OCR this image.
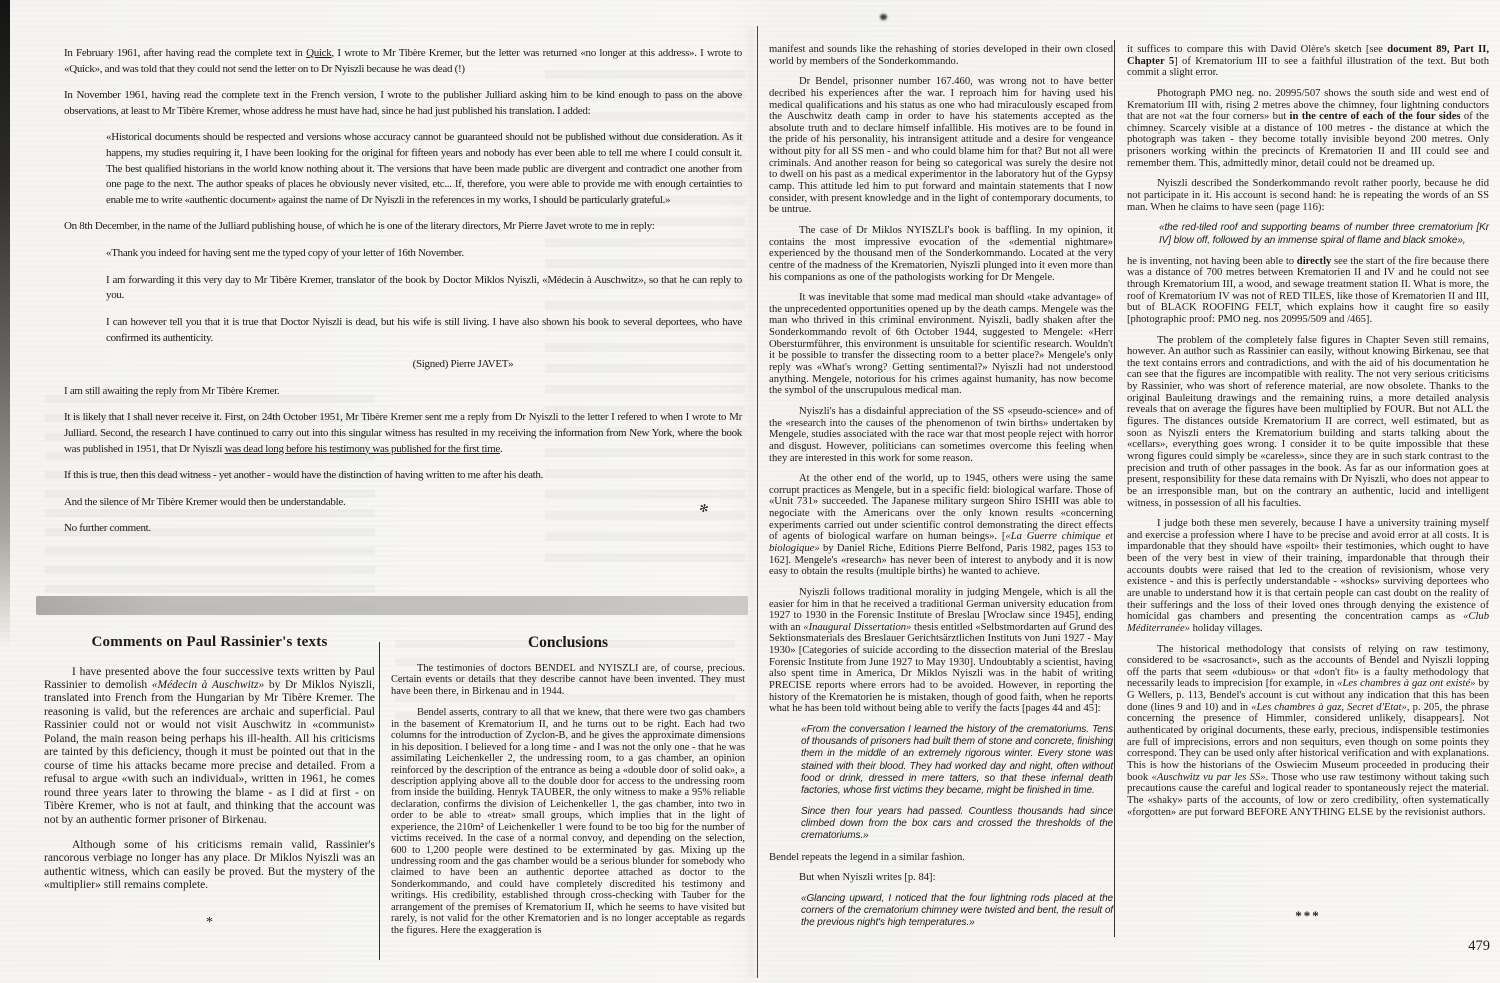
✻

In February 1961, after having read the complete text in Quick, I wrote to Mr Tibère Kremer, but the letter was returned «no longer at this address». I wrote to «Quick», and was told that they could not send the letter on to Dr Nyiszli because he was dead (!)

In November 1961, having read the complete text in the French version, I wrote to the publisher Julliard asking him to be kind enough to pass on the above observations, at least to Mr Tibère Kremer, whose address he must have had, since he had just published his translation. I added:

«Historical documents should be respected and versions whose accuracy cannot be guaranteed should not be published without due consideration. As it happens, my studies requiring it, I have been looking for the original for fifteen years and nobody has ever been able to tell me where I could consult it. The best qualified historians in the world know nothing about it. The versions that have been made public are divergent and contradict one another from one page to the next. The author speaks of places he obviously never visited, etc... If, therefore, you were able to provide me with enough certainties to enable me to write «authentic document» against the name of Dr Nyiszli in the references in my works, I should be particularly grateful.»

On 8th December, in the name of the Julliard publishing house, of which he is one of the literary directors, Mr Pierre Javet wrote to me in reply:

«Thank you indeed for having sent me the typed copy of your letter of 16th November.

I am forwarding it this very day to Mr Tibère Kremer, translator of the book by Doctor Miklos Nyiszli, «Médecin à Auschwitz», so that he can reply to you.

I can however tell you that it is true that Doctor Nyiszli is dead, but his wife is still living. I have also shown his book to several deportees, who have confirmed its authenticity.

(Signed) Pierre JAVET»

I am still awaiting the reply from Mr Tibère Kremer.

It is likely that I shall never receive it. First, on 24th October 1951, Mr Tibère Kremer sent me a reply from Dr Nyiszli to the letter I refered to when I wrote to Mr Julliard. Second, the research I have continued to carry out into this singular witness has resulted in my receiving the information from New York, where the book was published in 1951, that Dr Nyiszli was dead long before his testimony was published for the first time.

If this is true, then this dead witness - yet another - would have the distinction of having written to me after his death.

And the silence of Mr Tibère Kremer would then be understandable.

No further comment.

Comments on Paul Rassinier's texts

I have presented above the four successive texts written by Paul Rassinier to demolish «Médecin à Auschwitz» by Dr Miklos Nyiszli, translated into French from the Hungarian by Mr Tibère Kremer. The reasoning is valid, but the references are archaic and superficial. Paul Rassinier could not or would not visit Auschwitz in «communist» Poland, the main reason being perhaps his ill-health. All his criticisms are tainted by this deficiency, though it must be pointed out that in the course of time his attacks became more precise and detailed. From a refusal to argue «with such an individual», written in 1961, he comes round three years later to throwing the blame - as I did at first - on Tibère Kremer, who is not at fault, and thinking that the account was not by an authentic former prisoner of Birkenau.

Although some of his criticisms remain valid, Rassinier's rancorous verbiage no longer has any place. Dr Miklos Nyiszli was an authentic witness, which can easily be proved. But the mystery of the «multiplier» still remains complete.

*
Conclusions

The testimonies of doctors BENDEL and NYISZLI are, of course, precious. Certain events or details that they describe cannot have been invented. They must have been there, in Birkenau and in 1944.

Bendel asserts, contrary to all that we knew, that there were two gas chambers in the basement of Krematorium II, and he turns out to be right. Each had two columns for the introduction of Zyclon-B, and he gives the approximate dimensions in his deposition. I believed for a long time - and I was not the only one - that he was assimilating Leichenkeller 2, the undressing room, to a gas chamber, an opinion reinforced by the description of the entrance as being a «double door of solid oak», a description applying above all to the double door for access to the undressing room from inside the building. Henryk TAUBER, the only witness to make a 95% reliable declaration, confirms the division of Leichenkeller 1, the gas chamber, into two in order to be able to «treat» small groups, which implies that in the light of experience, the 210m² of Leichenkeller 1 were found to be too big for the number of victims received. In the case of a normal convoy, and depending on the selection, 600 to 1,200 people were destined to be exterminated by gas. Mixing up the undressing room and the gas chamber would be a serious blunder for somebody who claimed to have been an authentic deportee attached as doctor to the Sonderkommando, and could have completely discredited his testimony and writings. His credibility, established through cross-checking with Tauber for the arrangement of the premises of Krematorium II, which he seems to have visited but rarely, is not valid for the other Krematorien and is no longer acceptable as regards the figures. Here the exaggeration is

manifest and sounds like the rehashing of stories developed in their own closed world by members of the Sonderkommando.

Dr Bendel, prisonner number 167.460, was wrong not to have better decribed his experiences after the war. I reproach him for having used his medical qualifications and his status as one who had miraculously escaped from the Auschwitz death camp in order to have his statements accepted as the absolute truth and to declare himself infallible. His motives are to be found in the pride of his personality, his intransigent attitude and a desire for vengeance without pity for all SS men - and who could blame him for that? But not all were criminals. And another reason for being so categorical was surely the desire not to dwell on his past as a medical experimentor in the laboratory hut of the Gypsy camp. This attitude led him to put forward and maintain statements that I now consider, with present knowledge and in the light of contemporary documents, to be untrue.

The case of Dr Miklos NYISZLI's book is baffling. In my opinion, it contains the most impressive evocation of the «demential nightmare» experienced by the thousand men of the Sonderkommando. Located at the very centre of the madness of the Krematorien, Nyiszli plunged into it even more than his companions as one of the pathologists working for Dr Mengele.

It was inevitable that some mad medical man should «take advantage» of the unprecedented opportunities opened up by the death camps. Mengele was the man who thrived in this criminal environment. Nyiszli, badly shaken after the Sonderkommando revolt of 6th October 1944, suggested to Mengele: «Herr Obersturmführer, this environment is unsuitable for scientific research. Wouldn't it be possible to transfer the dissecting room to a better place?» Mengele's only reply was «What's wrong? Getting sentimental?» Nyiszli had not understood anything. Mengele, notorious for his crimes against humanity, has now become the symbol of the unscrupulous medical man.

Nyiszli's has a disdainful appreciation of the SS «pseudo-science» and of the «research into the causes of the phenomenon of twin births» undertaken by Mengele, studies associated with the race war that most people reject with horror and disgust. However, politicians can sometimes overcome this feeling when they are interested in this work for some reason.

At the other end of the world, up to 1945, others were using the same corrupt practices as Mengele, but in a specific field: biological warfare. Those of «Unit 731» succeeded. The Japanese military surgeon Shiro ISHII was able to negociate with the Americans over the only known results «concerning experiments carried out under scientific control demonstrating the direct effects of agents of biological warfare on human beings». [«La Guerre chimique et biologique» by Daniel Riche, Editions Pierre Belfond, Paris 1982, pages 153 to 162]. Mengele's «research» has never been of interest to anybody and it is now easy to obtain the results (multiple births) he wanted to achieve.

Nyiszli follows traditional morality in judging Mengele, which is all the easier for him in that he received a traditional German university education from 1927 to 1930 in the Forensic Institute of Breslau [Wroclaw since 1945], ending with an «Inaugural Dissertation» thesis entitled «Selbstmordarten auf Grund des Sektionsmaterials des Breslauer Gerichtsärztlichen Instituts von Juni 1927 - May 1930» [Categories of suicide according to the dissection material of the Breslau Forensic Institute from June 1927 to May 1930]. Undoubtably a scientist, having also spent time in America, Dr Miklos Nyiszli was in the habit of writing PRECISE reports where errors had to be avoided. However, in reporting the history of the Krematorien he is mistaken, though of good faith, when he reports what he has been told without being able to verify the facts [pages 44 and 45]:

«From the conversation I learned the history of the crematoriums. Tens of thousands of prisoners had built them of stone and concrete, finishing them in the middle of an extremely rigorous winter. Every stone was stained with their blood. They had worked day and night, often without food or drink, dressed in mere tatters, so that these infernal death factories, whose first victims they became, might be finished in time.

Since then four years had passed. Countless thousands had since climbed down from the box cars and crossed the thresholds of the crematoriums.»

Bendel repeats the legend in a similar fashion.

But when Nyiszli writes [p. 84]:

«Glancing upward, I noticed that the four lightning rods placed at the corners of the crematorium chimney were twisted and bent, the result of the previous night's high temperatures.»

it suffices to compare this with David Olère's sketch [see document 89, Part II, Chapter 5] of Krematorium III to see a faithful illustration of the text. But both commit a slight error.

Photograph PMO neg. no. 20995/507 shows the south side and west end of Krematorium III with, rising 2 metres above the chimney, four lightning conductors that are not «at the four corners» but in the centre of each of the four sides of the chimney. Scarcely visible at a distance of 100 metres - the distance at which the photograph was taken - they become totally invisible beyond 200 metres. Only prisoners working within the precincts of Krematorien II and III could see and remember them. This, admittedly minor, detail could not be dreamed up.

Nyiszli described the Sonderkommando revolt rather poorly, because he did not participate in it. His account is second hand: he is repeating the words of an SS man. When he claims to have seen (page 116):

«the red-tiled roof and supporting beams of number three crematorium [Kr IV] blow off, followed by an immense spiral of flame and black smoke»,

he is inventing, not having been able to directly see the start of the fire because there was a distance of 700 metres between Krematorien II and IV and he could not see through Krematorium III, a wood, and sewage treatment station II. What is more, the roof of Krematorium IV was not of RED TILES, like those of Krematorien II and III, but of BLACK ROOFING FELT, which explains how it caught fire so easily [photographic proof: PMO neg. nos 20995/509 and /465].

The problem of the completely false figures in Chapter Seven still remains, however. An author such as Rassinier can easily, without knowing Birkenau, see that the text contains errors and contradictions, and with the aid of his documentation he can see that the figures are incompatible with reality. The not very serious criticisms by Rassinier, who was short of reference material, are now obsolete. Thanks to the original Bauleitung drawings and the remaining ruins, a more detailed analysis reveals that on average the figures have been multiplied by FOUR. But not ALL the figures. The distances outside Krematorium II are correct, well estimated, but as soon as Nyiszli enters the Krematorium building and starts talking about the «cellars», everything goes wrong. I consider it to be quite impossible that these wrong figures could simply be «careless», since they are in such stark contrast to the precision and truth of other passages in the book. As far as our information goes at present, responsibility for these data remains with Dr Nyiszli, who does not appear to be an irresponsible man, but on the contrary an authentic, lucid and intelligent witness, in possession of all his faculties.

I judge both these men severely, because I have a university training myself and exercise a profession where I have to be precise and avoid error at all costs. It is impardonable that they should have «spoilt» their testimonies, which ought to have been of the very best in view of their training, impardonable that through their accounts doubts were raised that led to the creation of revisionism, whose very existence - and this is perfectly understandable - «shocks» surviving deportees who are unable to understand how it is that certain people can cast doubt on the reality of their sufferings and the loss of their loved ones through denying the existence of homicidal gas chambers and presenting the concentration camps as «Club Méditerranée» holiday villages.

The historical methodology that consists of relying on raw testimony, considered to be «sacrosanct», such as the accounts of Bendel and Nyiszli lopping off the parts that seem «dubious» or that «don't fit» is a faulty methodology that necessarily leads to imprecision [for example, in «Les chambres à gaz ont existé» by G Wellers, p. 113, Bendel's account is cut without any indication that this has been done (lines 9 and 10) and in «Les chambres à gaz, Secret d'Etat», p. 205, the phrase concerning the presence of Himmler, considered unlikely, disappears]. Not authenticated by original documents, these early, precious, indispensible testimonies are full of imprecisions, errors and non sequiturs, even though on some points they correspond. They can be used only after historical verification and with explanations. This is how the historians of the Oswiecim Museum proceeded in producing their book «Auschwitz vu par les SS». Those who use raw testimony without taking such precautions cause the careful and logical reader to spontaneously reject the material. The «shaky» parts of the accounts, of low or zero credibility, often systematically «forgotten» are put forward BEFORE ANYTHING ELSE by the revisionist authors.

***
479
